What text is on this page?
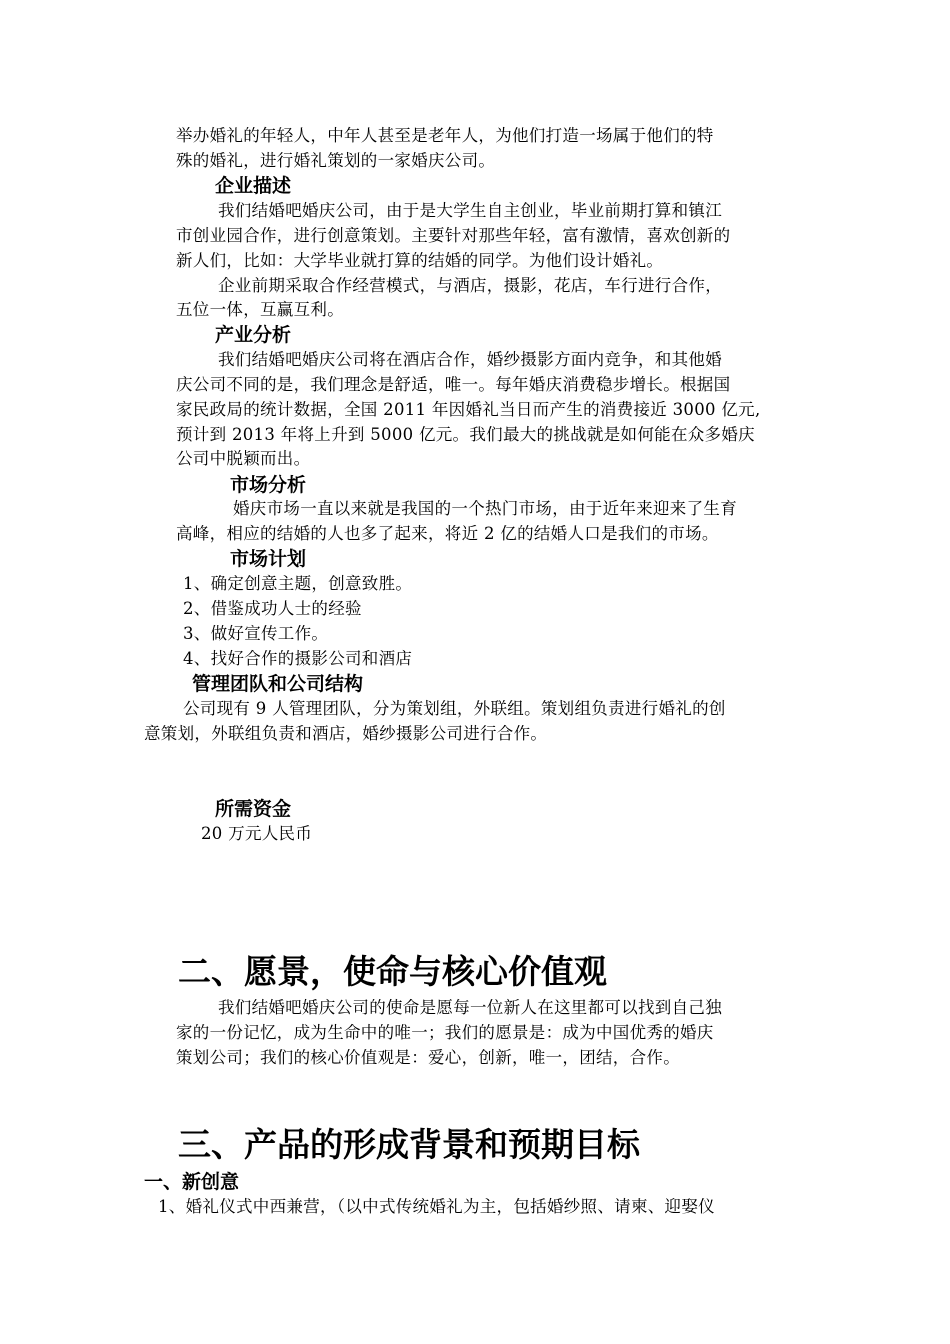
举办婚礼的年轻人，中年人甚至是老年人，为他们打造一场属于他们的特
殊的婚礼，进行婚礼策划的一家婚庆公司。
企业描述
我们结婚吧婚庆公司，由于是大学生自主创业，毕业前期打算和镇江
市创业园合作，进行创意策划。主要针对那些年轻，富有激情，喜欢创新的
新人们，比如：大学毕业就打算的结婚的同学。为他们设计婚礼。
企业前期采取合作经营模式，与酒店，摄影，花店，车行进行合作，
五位一体，互赢互利。
产业分析
我们结婚吧婚庆公司将在酒店合作，婚纱摄影方面内竞争，和其他婚
庆公司不同的是，我们理念是舒适，唯一。每年婚庆消费稳步增长。根据国
家民政局的统计数据，全国 2011 年因婚礼当日而产生的消费接近 3000 亿元,
预计到 2013 年将上升到 5000 亿元。我们最大的挑战就是如何能在众多婚庆
公司中脱颖而出。
市场分析
婚庆市场一直以来就是我国的一个热门市场，由于近年来迎来了生育
高峰，相应的结婚的人也多了起来，将近 2 亿的结婚人口是我们的市场。
市场计划
1、确定创意主题，创意致胜。
2、借鉴成功人士的经验
3、做好宣传工作。
4、找好合作的摄影公司和酒店
管理团队和公司结构
公司现有 9 人管理团队，分为策划组，外联组。策划组负责进行婚礼的创
意策划，外联组负责和酒店，婚纱摄影公司进行合作。
所需资金
20 万元人民币
二、愿景，使命与核心价值观
我们结婚吧婚庆公司的使命是愿每一位新人在这里都可以找到自己独
家的一份记忆，成为生命中的唯一；我们的愿景是：成为中国优秀的婚庆
策划公司；我们的核心价值观是：爱心，创新，唯一，团结，合作。
三、产品的形成背景和预期目标
一、新创意
1、婚礼仪式中西兼营，（以中式传统婚礼为主，包括婚纱照、请柬、迎娶仪
